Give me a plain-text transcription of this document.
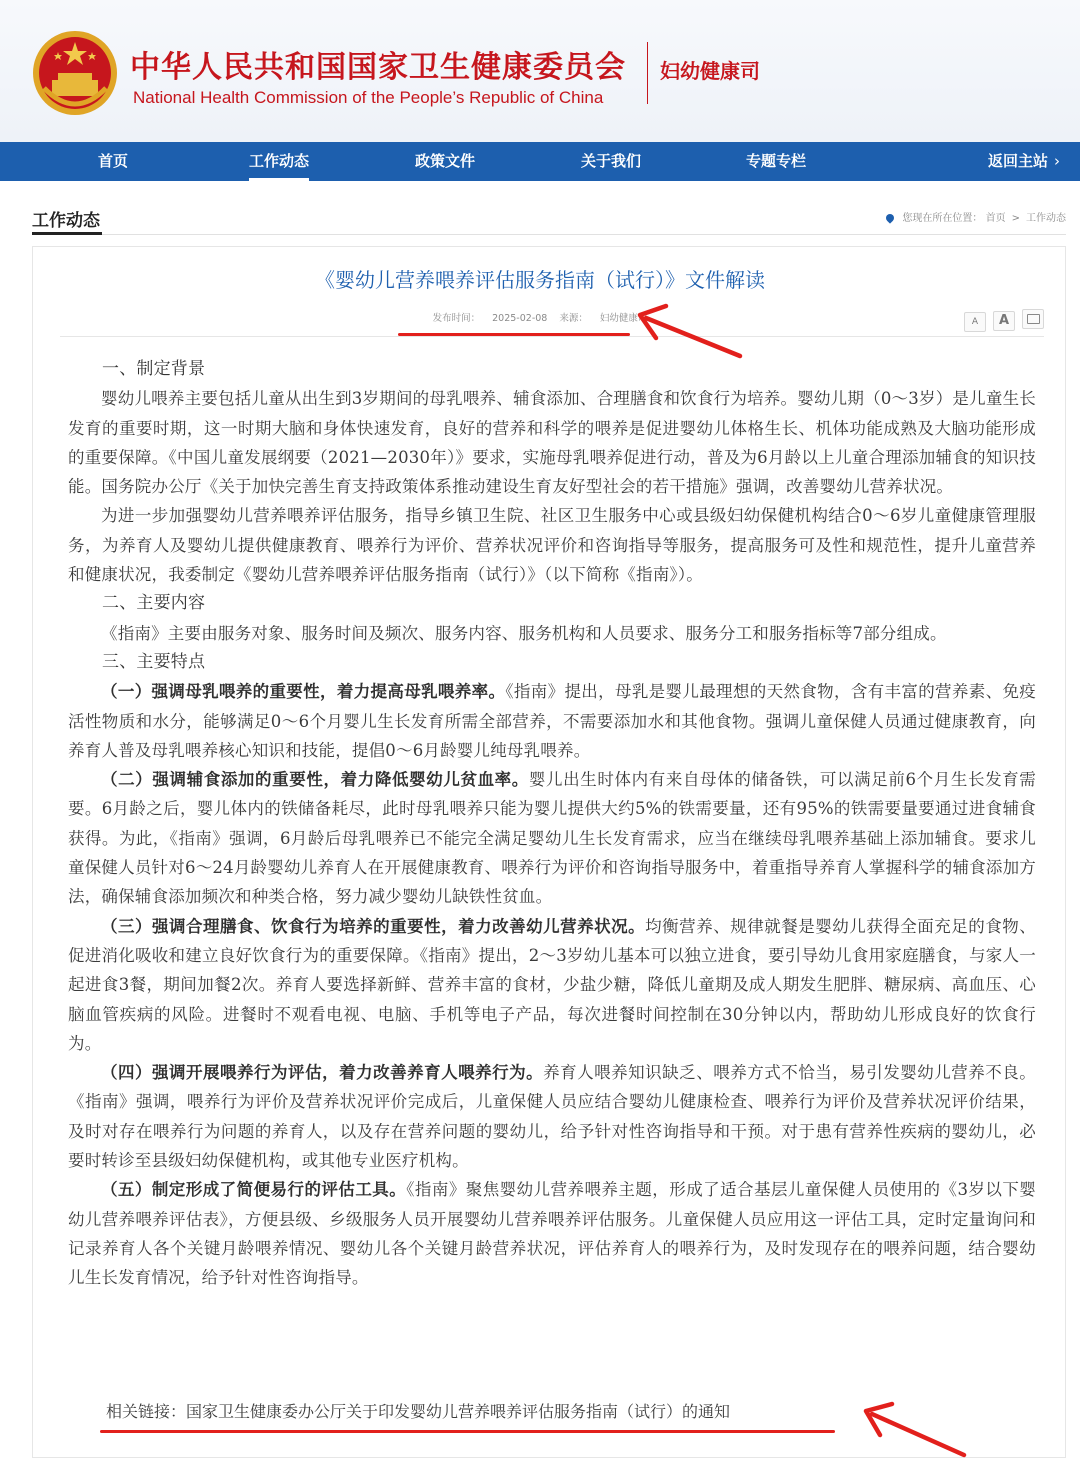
中华人民共和国国家卫生健康委员会
National Health Commission of the People’s Republic of China
妇幼健康司
首页	工作动态	政策文件	关于我们	专题专栏	返回主站 ›
工作动态	您现在所在位置： 首页 > 工作动态
《婴幼儿营养喂养评估服务指南（试行）》文件解读
发布时间： 2025-02-08 来源： 妇幼健康司	A A
一、制定背景

婴幼儿喂养主要包括儿童从出生到3岁期间的母乳喂养、辅食添加、合理膳食和饮食行为培养。婴幼儿期（0～3岁）是儿童生长发育的重要时期，这一时期大脑和身体快速发育，良好的营养和科学的喂养是促进婴幼儿体格生长、机体功能成熟及大脑功能形成的重要保障。《中国儿童发展纲要（2021—2030年）》要求，实施母乳喂养促进行动，普及为6月龄以上儿童合理添加辅食的知识技能。国务院办公厅《关于加快完善生育支持政策体系推动建设生育友好型社会的若干措施》强调，改善婴幼儿营养状况。

为进一步加强婴幼儿营养喂养评估服务，指导乡镇卫生院、社区卫生服务中心或县级妇幼保健机构结合0～6岁儿童健康管理服务，为养育人及婴幼儿提供健康教育、喂养行为评价、营养状况评价和咨询指导等服务，提高服务可及性和规范性，提升儿童营养和健康状况，我委制定《婴幼儿营养喂养评估服务指南（试行）》（以下简称《指南》）。

二、主要内容

《指南》主要由服务对象、服务时间及频次、服务内容、服务机构和人员要求、服务分工和服务指标等7部分组成。

三、主要特点

（一）强调母乳喂养的重要性，着力提高母乳喂养率。《指南》提出，母乳是婴儿最理想的天然食物，含有丰富的营养素、免疫活性物质和水分，能够满足0～6个月婴儿生长发育所需全部营养，不需要添加水和其他食物。强调儿童保健人员通过健康教育，向养育人普及母乳喂养核心知识和技能，提倡0～6月龄婴儿纯母乳喂养。

（二）强调辅食添加的重要性，着力降低婴幼儿贫血率。婴儿出生时体内有来自母体的储备铁，可以满足前6个月生长发育需要。6月龄之后，婴儿体内的铁储备耗尽，此时母乳喂养只能为婴儿提供大约5%的铁需要量，还有95%的铁需要量要通过进食辅食获得。为此，《指南》强调，6月龄后母乳喂养已不能完全满足婴幼儿生长发育需求，应当在继续母乳喂养基础上添加辅食。要求儿童保健人员针对6～24月龄婴幼儿养育人在开展健康教育、喂养行为评价和咨询指导服务中，着重指导养育人掌握科学的辅食添加方法，确保辅食添加频次和种类合格，努力减少婴幼儿缺铁性贫血。

（三）强调合理膳食、饮食行为培养的重要性，着力改善幼儿营养状况。均衡营养、规律就餐是婴幼儿获得全面充足的食物、促进消化吸收和建立良好饮食行为的重要保障。《指南》提出，2～3岁幼儿基本可以独立进食，要引导幼儿食用家庭膳食，与家人一起进食3餐，期间加餐2次。养育人要选择新鲜、营养丰富的食材，少盐少糖，降低儿童期及成人期发生肥胖、糖尿病、高血压、心脑血管疾病的风险。进餐时不观看电视、电脑、手机等电子产品，每次进餐时间控制在30分钟以内，帮助幼儿形成良好的饮食行为。

（四）强调开展喂养行为评估，着力改善养育人喂养行为。养育人喂养知识缺乏、喂养方式不恰当，易引发婴幼儿营养不良。《指南》强调，喂养行为评价及营养状况评价完成后，儿童保健人员应结合婴幼儿健康检查、喂养行为评价及营养状况评价结果，及时对存在喂养行为问题的养育人，以及存在营养问题的婴幼儿，给予针对性咨询指导和干预。对于患有营养性疾病的婴幼儿，必要时转诊至县级妇幼保健机构，或其他专业医疗机构。

（五）制定形成了简便易行的评估工具。《指南》聚焦婴幼儿营养喂养主题，形成了适合基层儿童保健人员使用的《3岁以下婴幼儿营养喂养评估表》，方便县级、乡级服务人员开展婴幼儿营养喂养评估服务。儿童保健人员应用这一评估工具，定时定量询问和记录养育人各个关键月龄喂养情况、婴幼儿各个关键月龄营养状况，评估养育人的喂养行为，及时发现存在的喂养问题，结合婴幼儿生长发育情况，给予针对性咨询指导。

相关链接：国家卫生健康委办公厅关于印发婴幼儿营养喂养评估服务指南（试行）的通知
